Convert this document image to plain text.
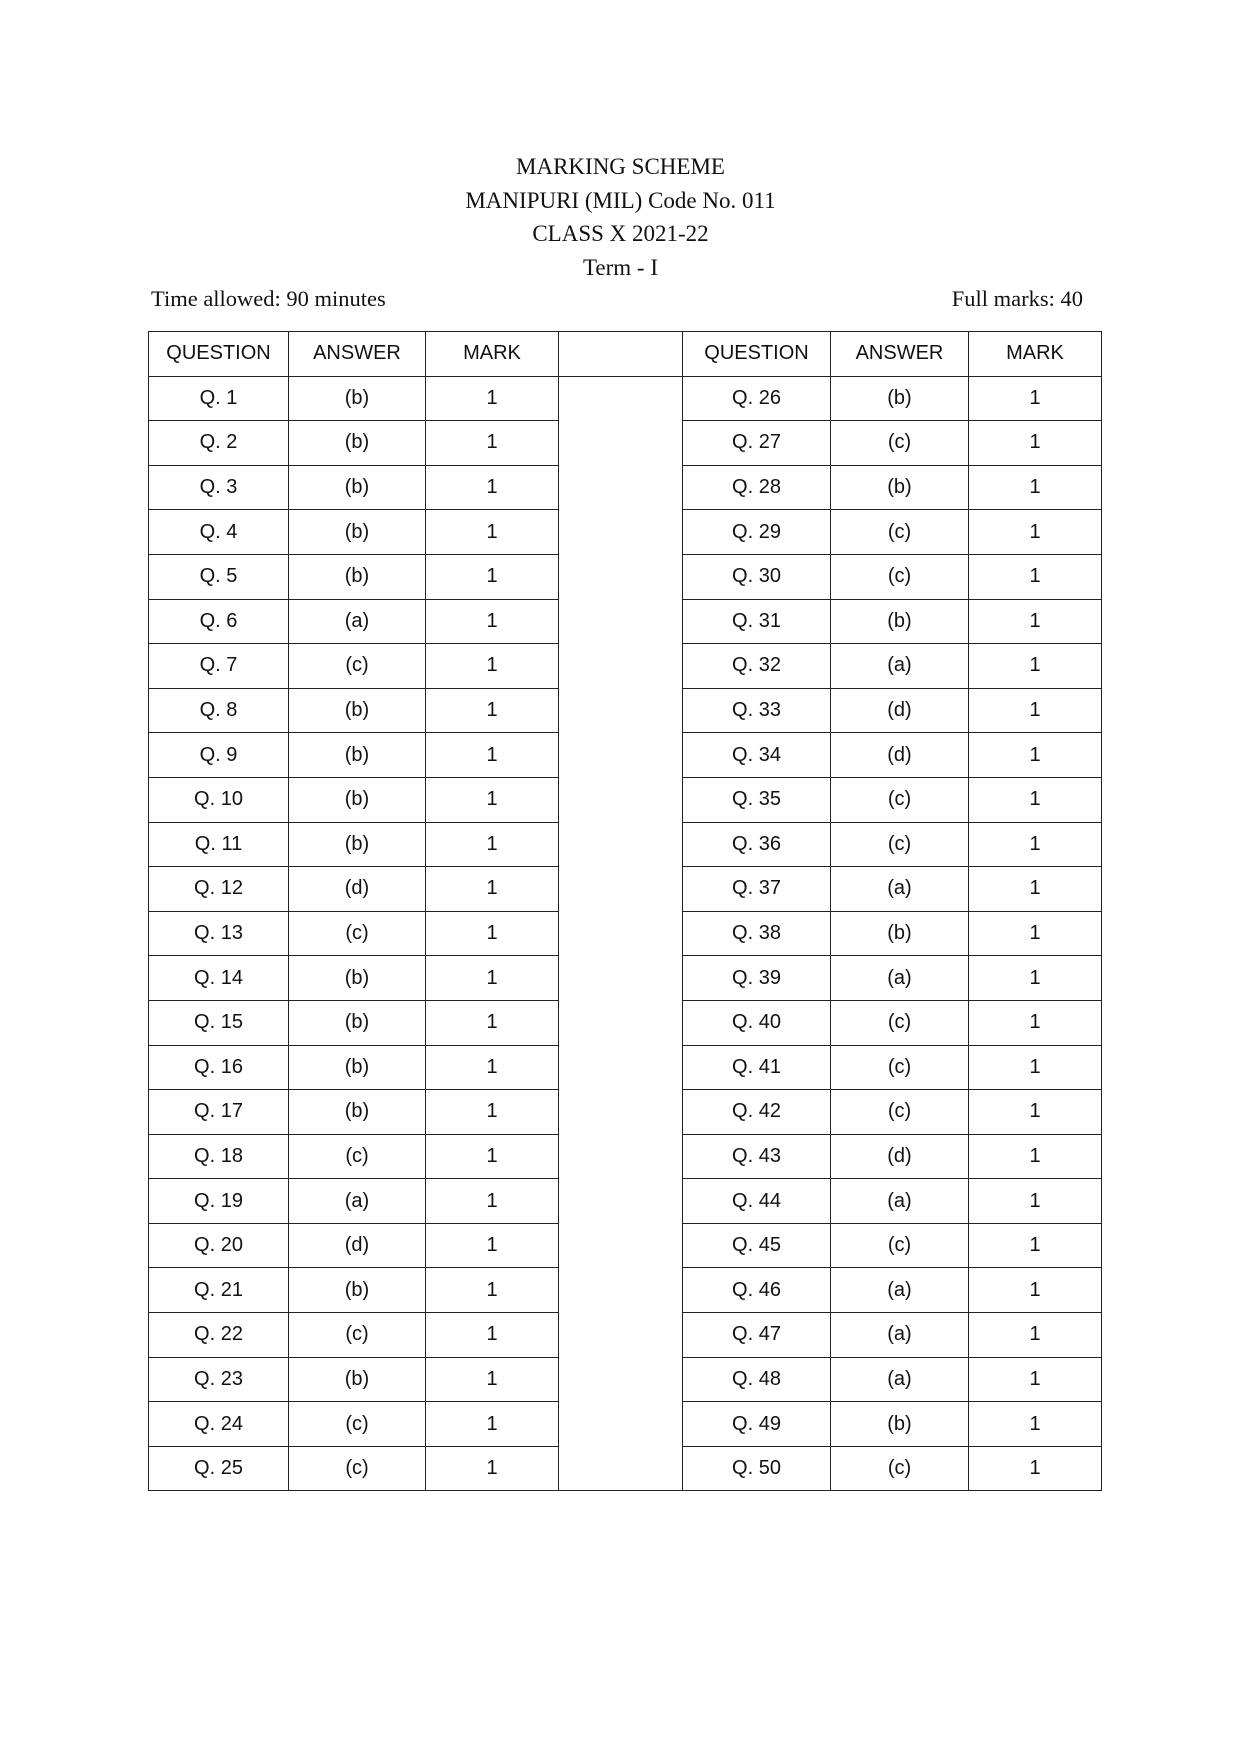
MARKING SCHEME
MANIPURI (MIL) Code No. 011
CLASS X 2021-22
Term - I
Time allowed: 90 minutes	Full marks: 40
QUESTION	ANSWER	MARK		QUESTION	ANSWER	MARK
Q. 1	(b)	1		Q. 26	(b)	1
Q. 2	(b)	1		Q. 27	(c)	1
Q. 3	(b)	1		Q. 28	(b)	1
Q. 4	(b)	1		Q. 29	(c)	1
Q. 5	(b)	1		Q. 30	(c)	1
Q. 6	(a)	1		Q. 31	(b)	1
Q. 7	(c)	1		Q. 32	(a)	1
Q. 8	(b)	1		Q. 33	(d)	1
Q. 9	(b)	1		Q. 34	(d)	1
Q. 10	(b)	1		Q. 35	(c)	1
Q. 11	(b)	1		Q. 36	(c)	1
Q. 12	(d)	1		Q. 37	(a)	1
Q. 13	(c)	1		Q. 38	(b)	1
Q. 14	(b)	1		Q. 39	(a)	1
Q. 15	(b)	1		Q. 40	(c)	1
Q. 16	(b)	1		Q. 41	(c)	1
Q. 17	(b)	1		Q. 42	(c)	1
Q. 18	(c)	1		Q. 43	(d)	1
Q. 19	(a)	1		Q. 44	(a)	1
Q. 20	(d)	1		Q. 45	(c)	1
Q. 21	(b)	1		Q. 46	(a)	1
Q. 22	(c)	1		Q. 47	(a)	1
Q. 23	(b)	1		Q. 48	(a)	1
Q. 24	(c)	1		Q. 49	(b)	1
Q. 25	(c)	1		Q. 50	(c)	1
